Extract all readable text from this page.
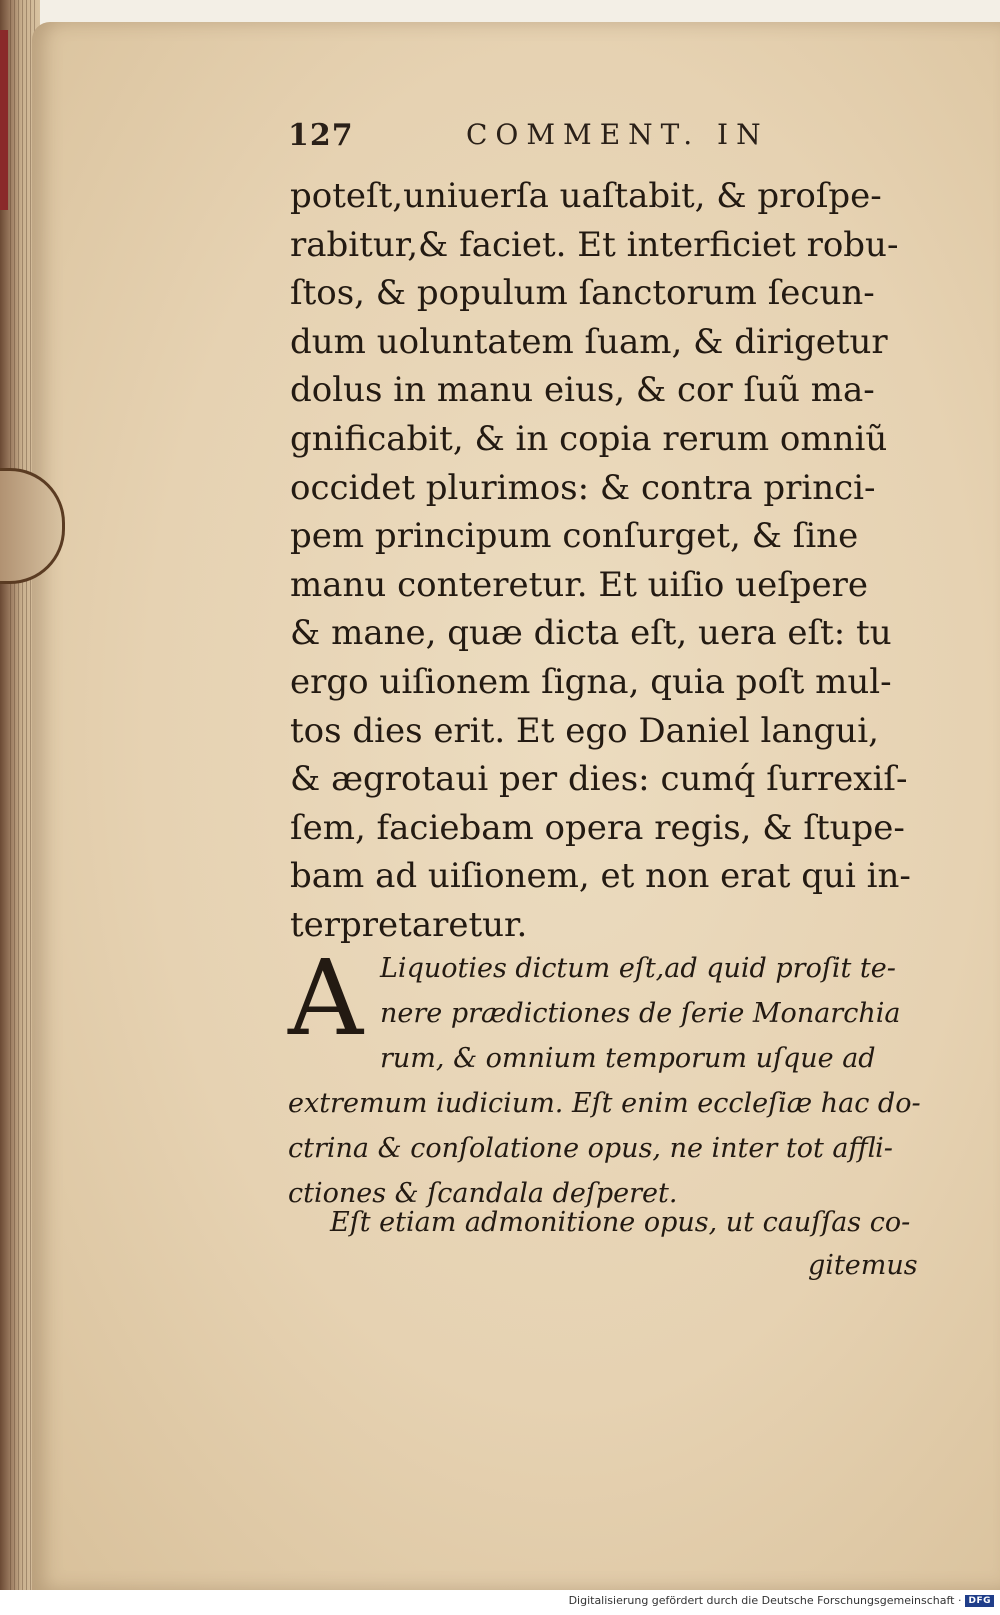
127	COMMENT. IN
poteſt,uniuerſa uaſtabit, & proſpe-
rabitur,& faciet. Et interficiet robu-
ſtos, & populum ſanctorum ſecun-
dum uoluntatem ſuam, & dirigetur
dolus in manu eius, & cor ſuũ ma-
gnificabit, & in copia rerum omniũ
occidet plurimos: & contra princi-
pem principum conſurget, & ſine
manu conteretur. Et uiſio ueſpere
& mane, quæ dicta eſt, uera eſt: tu
ergo uiſionem ſigna, quia poſt mul-
tos dies erit. Et ego Daniel langui,
& ægrotaui per dies: cumq́ ſurrexiſ-
ſem, faciebam opera regis, & ſtupe-
bam ad uiſionem, et non erat qui in-
terpretaretur.
A Liquoties dictum eſt,ad quid proſit te-
nere prædictiones de ſerie Monarchia
rum, & omnium temporum uſque ad
extremum iudicium. Eſt enim eccleſiæ hac do-
ctrina & conſolatione opus, ne inter tot affli-
ctiones & ſcandala deſperet.
Eſt etiam admonitione opus, ut cauſſas co-
gitemus
Digitalisierung gefördert durch die Deutsche Forschungsgemeinschaft · DFG
